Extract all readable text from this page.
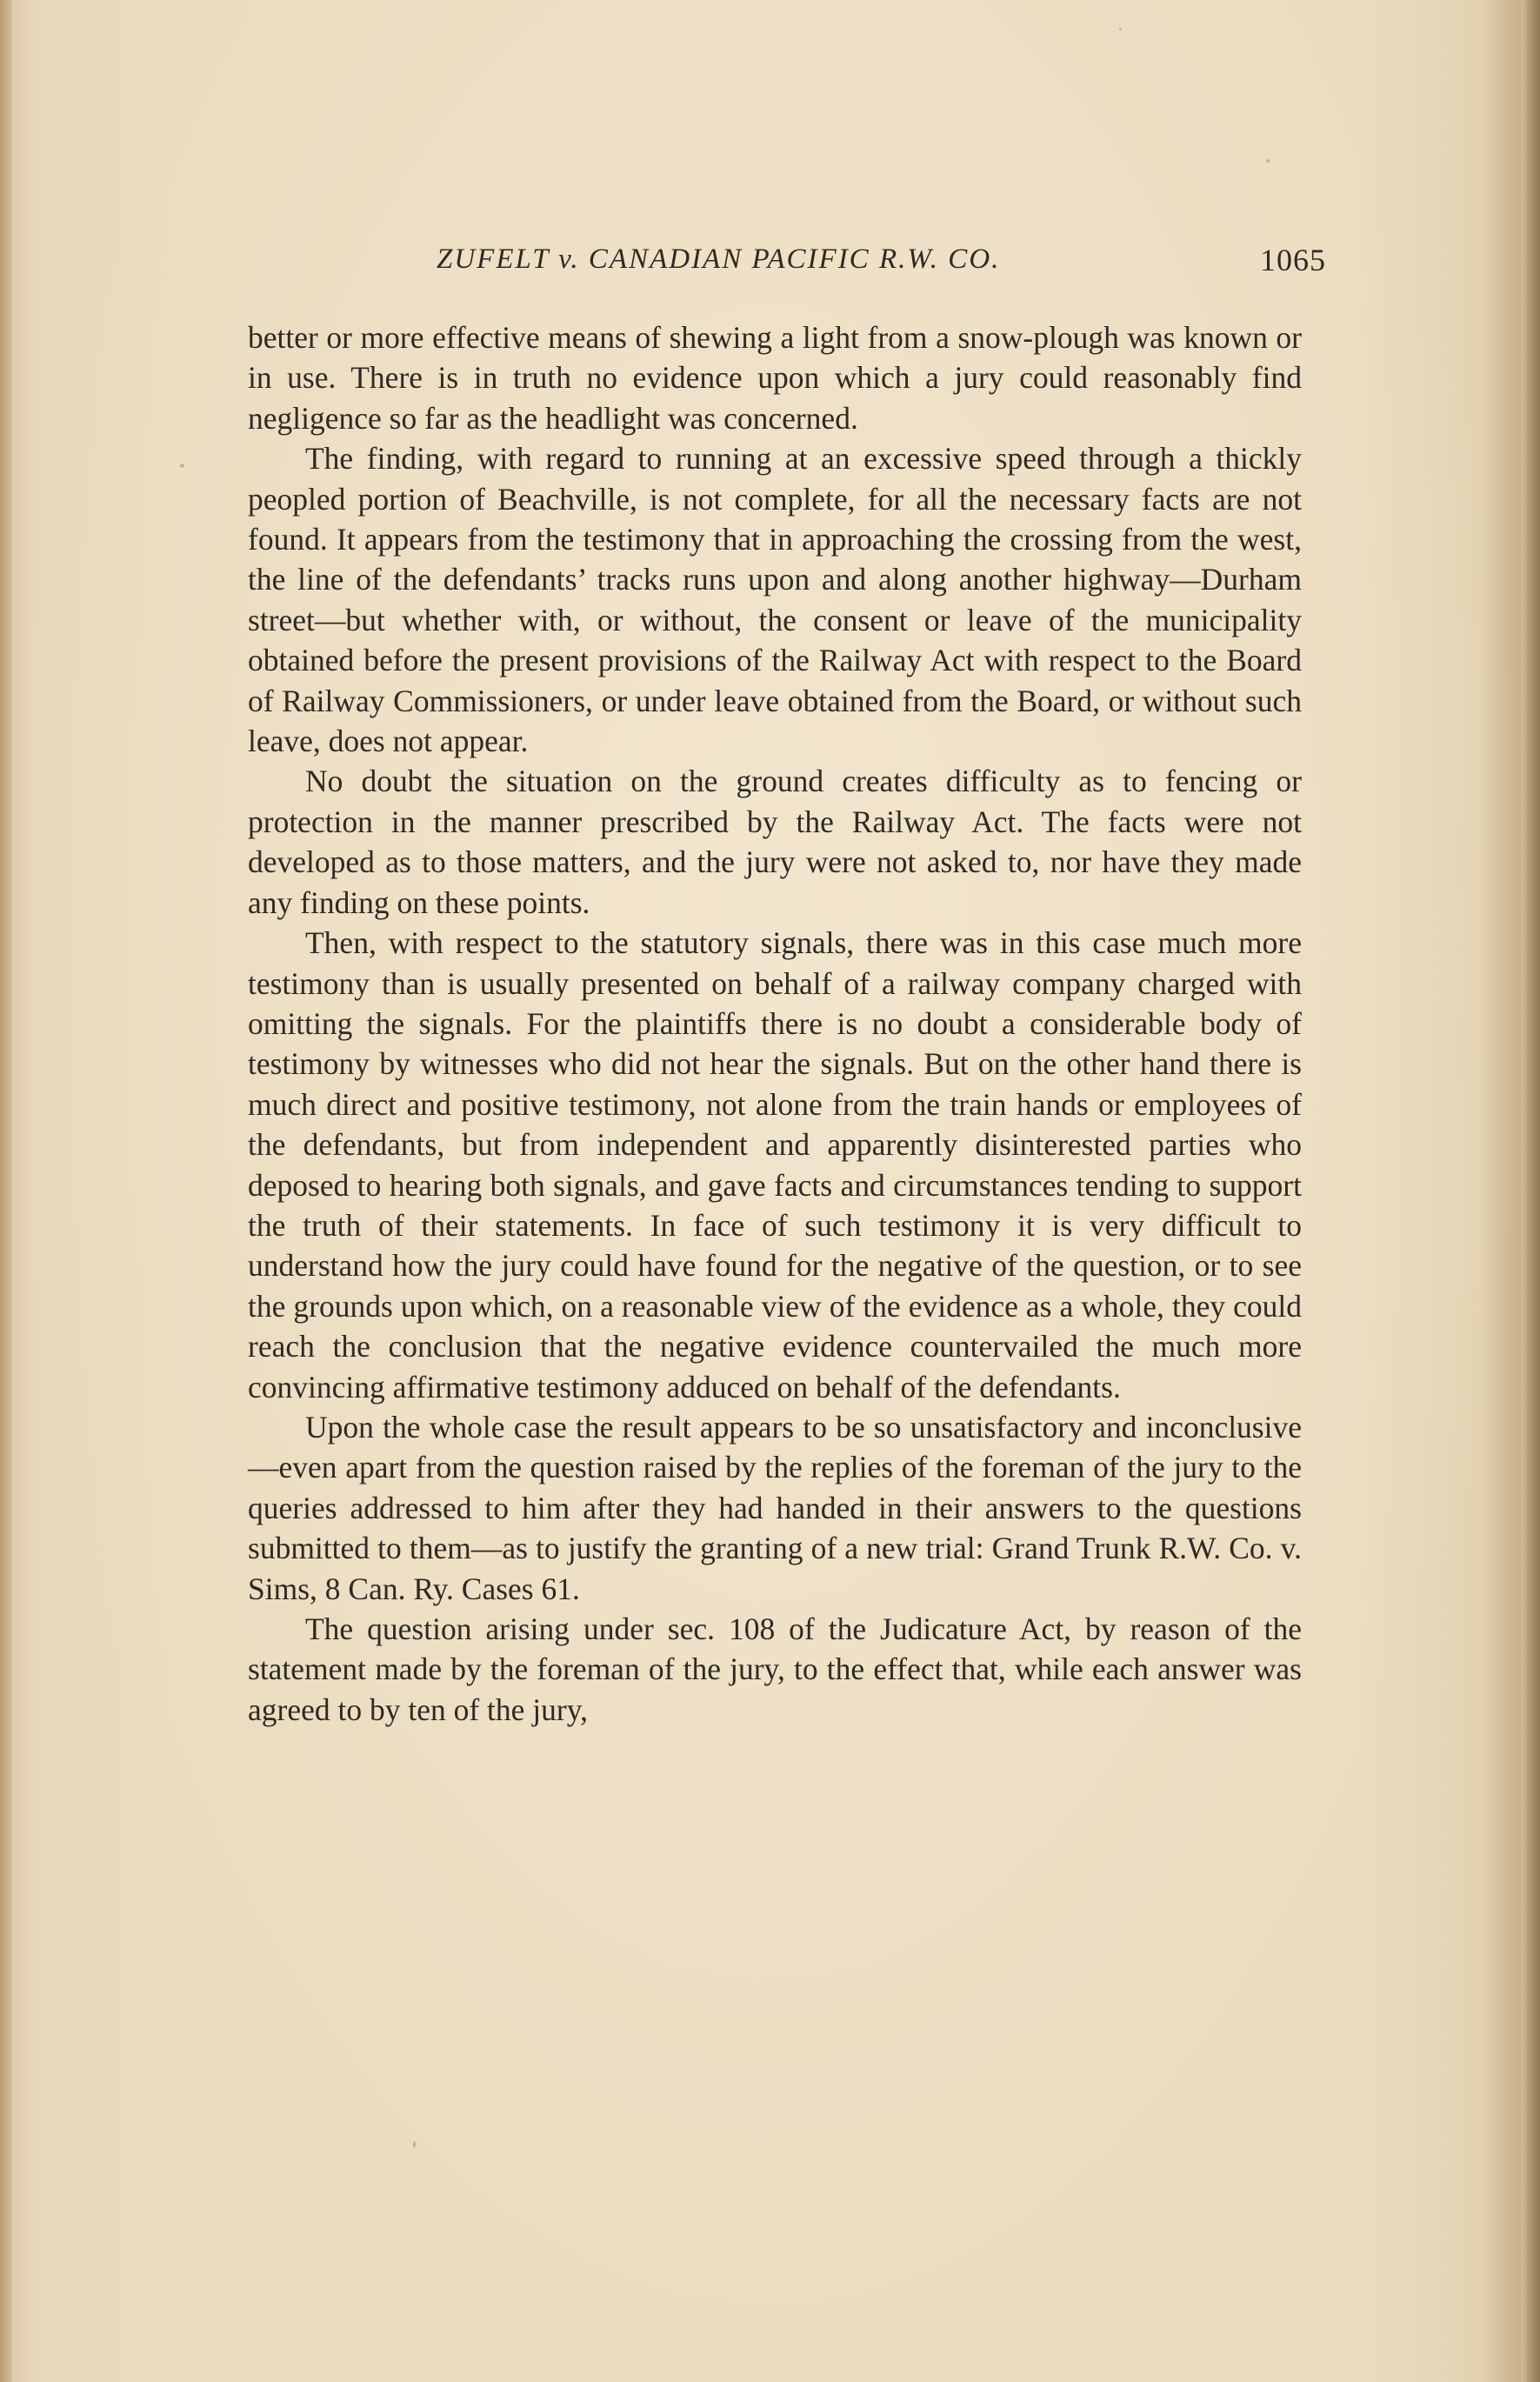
ZUFELT v. CANADIAN PACIFIC R.W. CO.	1065

better or more effective means of shewing a light from a snow-plough was known or in use. There is in truth no evidence upon which a jury could reasonably find negligence so far as the headlight was concerned.

The finding, with regard to running at an excessive speed through a thickly peopled portion of Beachville, is not complete, for all the necessary facts are not found. It appears from the testimony that in approaching the crossing from the west, the line of the defendants’ tracks runs upon and along another highway—Durham street—but whether with, or without, the consent or leave of the municipality obtained before the present provisions of the Railway Act with respect to the Board of Railway Commissioners, or under leave obtained from the Board, or without such leave, does not appear.

No doubt the situation on the ground creates difficulty as to fencing or protection in the manner prescribed by the Railway Act. The facts were not developed as to those matters, and the jury were not asked to, nor have they made any finding on these points.

Then, with respect to the statutory signals, there was in this case much more testimony than is usually presented on behalf of a railway company charged with omitting the signals. For the plaintiffs there is no doubt a considerable body of testimony by witnesses who did not hear the signals. But on the other hand there is much direct and positive testimony, not alone from the train hands or employees of the defendants, but from independent and apparently disinterested parties who deposed to hearing both signals, and gave facts and circumstances tending to support the truth of their statements. In face of such testimony it is very difficult to understand how the jury could have found for the negative of the question, or to see the grounds upon which, on a reasonable view of the evidence as a whole, they could reach the conclusion that the negative evidence countervailed the much more convincing affirmative testimony adduced on behalf of the defendants.

Upon the whole case the result appears to be so unsatisfactory and inconclusive—even apart from the question raised by the replies of the foreman of the jury to the queries addressed to him after they had handed in their answers to the questions submitted to them—as to justify the granting of a new trial: Grand Trunk R.W. Co. v. Sims, 8 Can. Ry. Cases 61.

The question arising under sec. 108 of the Judicature Act, by reason of the statement made by the foreman of the jury, to the effect that, while each answer was agreed to by ten of the jury,
